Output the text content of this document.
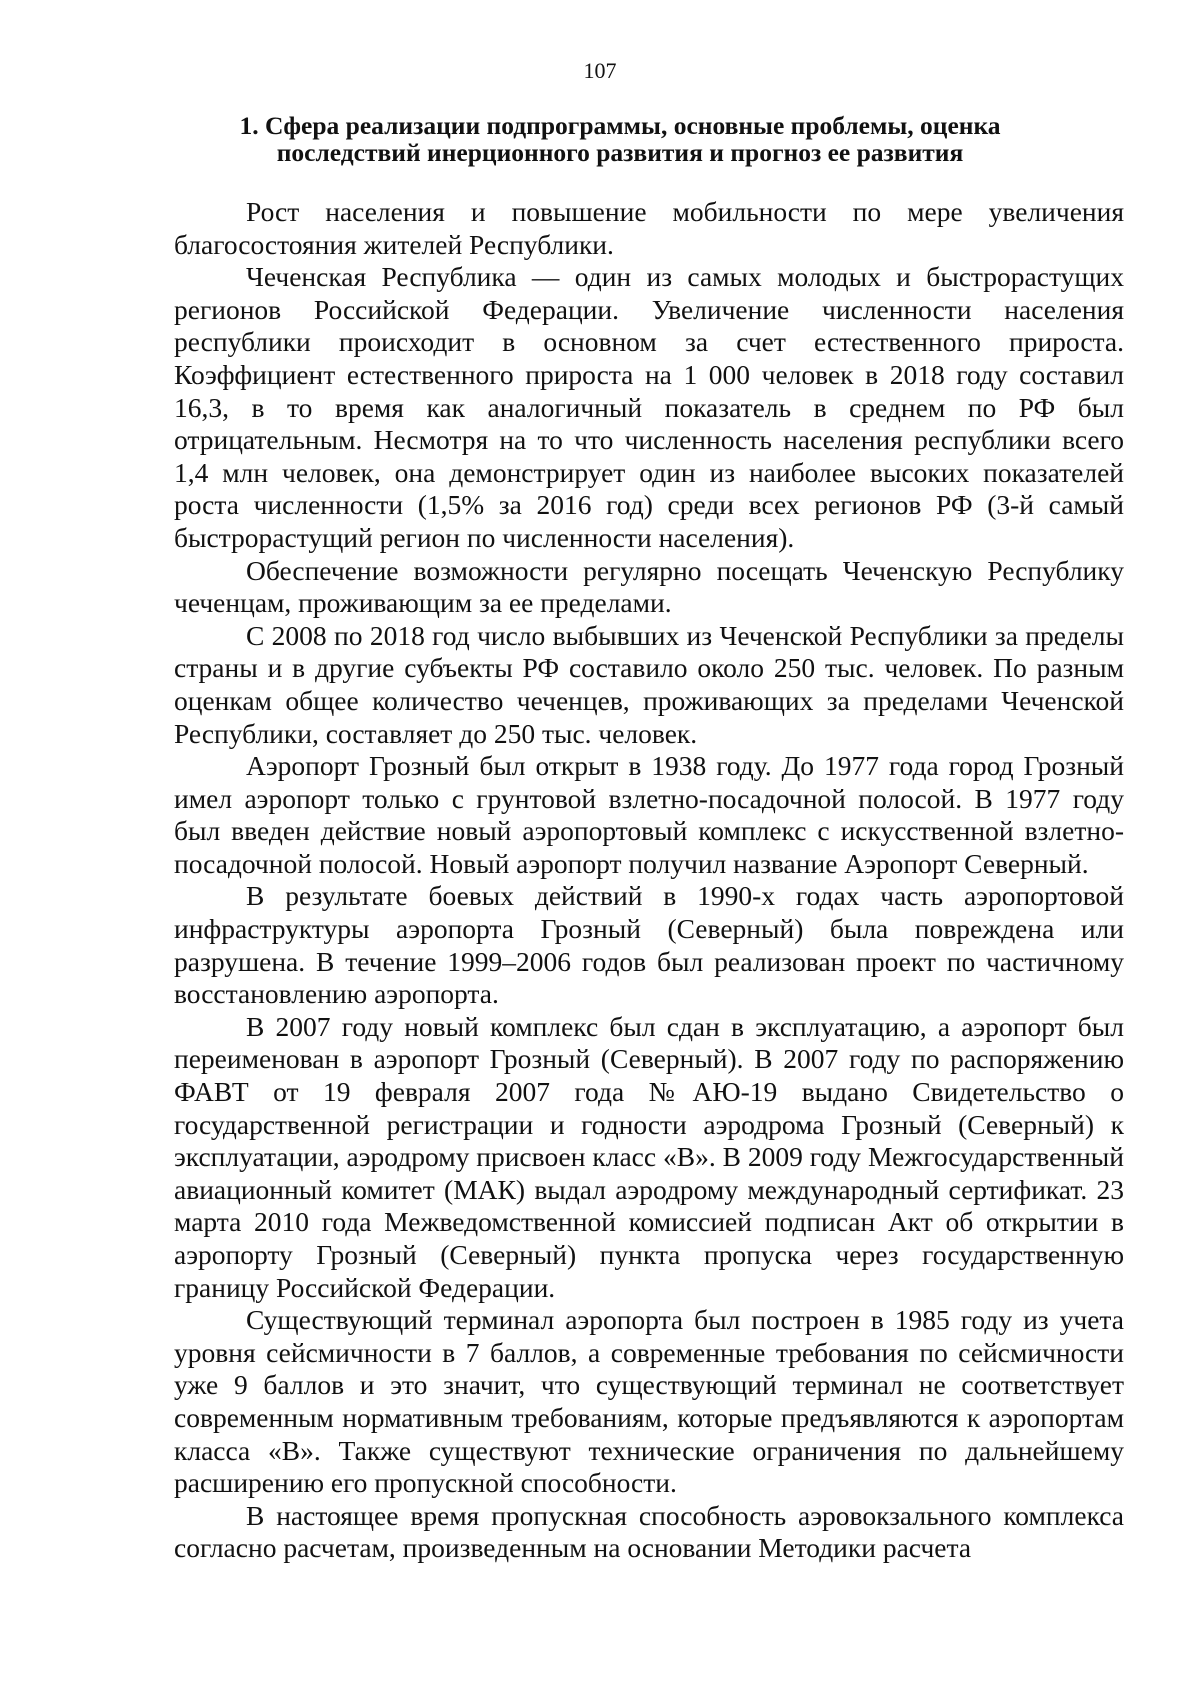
107
1. Сфера реализации подпрограммы, основные проблемы, оценка
последствий инерционного развития и прогноз ее развития

Рост населения и повышение мобильности по мере увеличения благосостояния жителей Республики.

Чеченская Республика — один из самых молодых и быстрорастущих регионов Российской Федерации. Увеличение численности населения республики происходит в основном за счет естественного прироста. Коэффициент естественного прироста на 1 000 человек в 2018 году составил 16,3, в то время как аналогичный показатель в среднем по РФ был отрицательным. Несмотря на то что численность населения республики всего 1,4 млн человек, она демонстрирует один из наиболее высоких показателей роста численности (1,5% за 2016 год) среди всех регионов РФ (3-й самый быстрорастущий регион по численности населения).

Обеспечение возможности регулярно посещать Чеченскую Республику чеченцам, проживающим за ее пределами.

С 2008 по 2018 год число выбывших из Чеченской Республики за пределы страны и в другие субъекты РФ составило около 250 тыс. человек. По разным оценкам общее количество чеченцев, проживающих за пределами Чеченской Республики, составляет до 250 тыс. человек.

Аэропорт Грозный был открыт в 1938 году. До 1977 года город Грозный имел аэропорт только с грунтовой взлетно-посадочной полосой. В 1977 году был введен действие новый аэропортовый комплекс с искусственной взлетно-посадочной полосой. Новый аэропорт получил название Аэропорт Северный.

В результате боевых действий в 1990-х годах часть аэропортовой инфраструктуры аэропорта Грозный (Северный) была повреждена или разрушена. В течение 1999–2006 годов был реализован проект по частичному восстановлению аэропорта.

В 2007 году новый комплекс был сдан в эксплуатацию, а аэропорт был переименован в аэропорт Грозный (Северный). В 2007 году по распоряжению ФАВТ от 19 февраля 2007 года №АЮ-19 выдано Свидетельство о государственной регистрации и годности аэродрома Грозный (Северный) к эксплуатации, аэродрому присвоен класс «В». В 2009 году Межгосударственный авиационный комитет (МАК) выдал аэродрому международный сертификат. 23 марта 2010 года Межведомственной комиссией подписан Акт об открытии в аэропорту Грозный (Северный) пункта пропуска через государственную границу Российской Федерации.

Существующий терминал аэропорта был построен в 1985 году из учета уровня сейсмичности в 7 баллов, а современные требования по сейсмичности уже 9 баллов и это значит, что существующий терминал не соответствует современным нормативным требованиям, которые предъявляются к аэропортам класса «В». Также существуют технические ограничения по дальнейшему расширению его пропускной способности.

В настоящее время пропускная способность аэровокзального комплекса согласно расчетам, произведенным на основании Методики расчета
